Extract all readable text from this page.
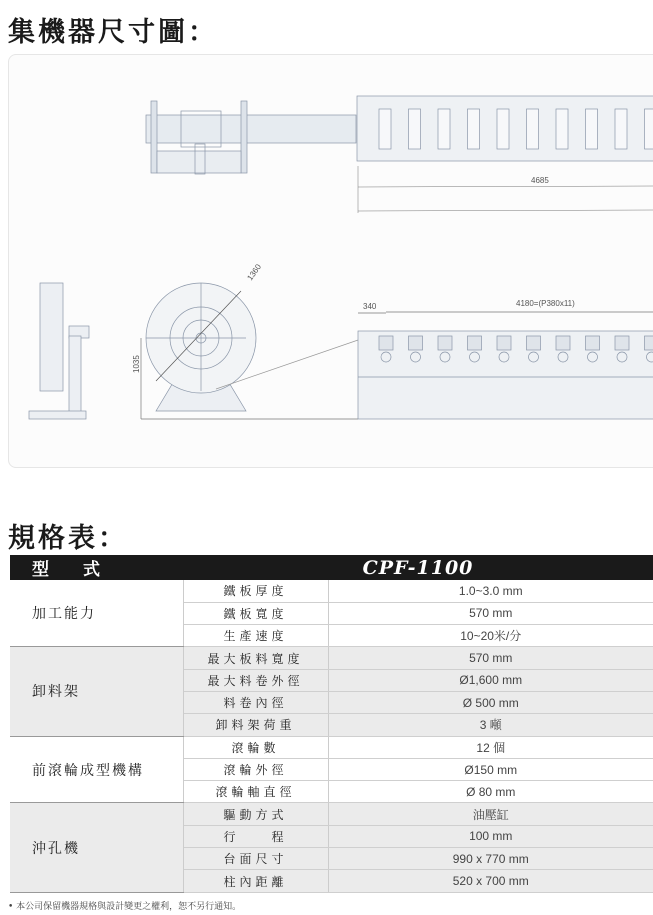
集機器尺寸圖：
4685
1360
1035
340	4180=(P380x11)
規格表：
型　　式	CPF-1100	
加工能力	鐵板厚度	1.0~3.0 mm
	鐵板寬度	570 mm
	生產速度	10~20米/分
卸料架	最大板料寬度	570 mm
	最大料卷外徑	Ø1,600 mm
	料卷內徑	Ø 500 mm
	卸料架荷重	3 噸
前滾輪成型機構	滾輪數	12 個
	滾輪外徑	Ø150 mm
	滾輪軸直徑	Ø 80 mm
沖孔機	驅動方式	油壓缸
	行　　程	100 mm
	台面尺寸	990 x 770 mm
	柱內距離	520 x 700 mm
• 本公司保留機器規格與設計變更之權利，恕不另行通知。
